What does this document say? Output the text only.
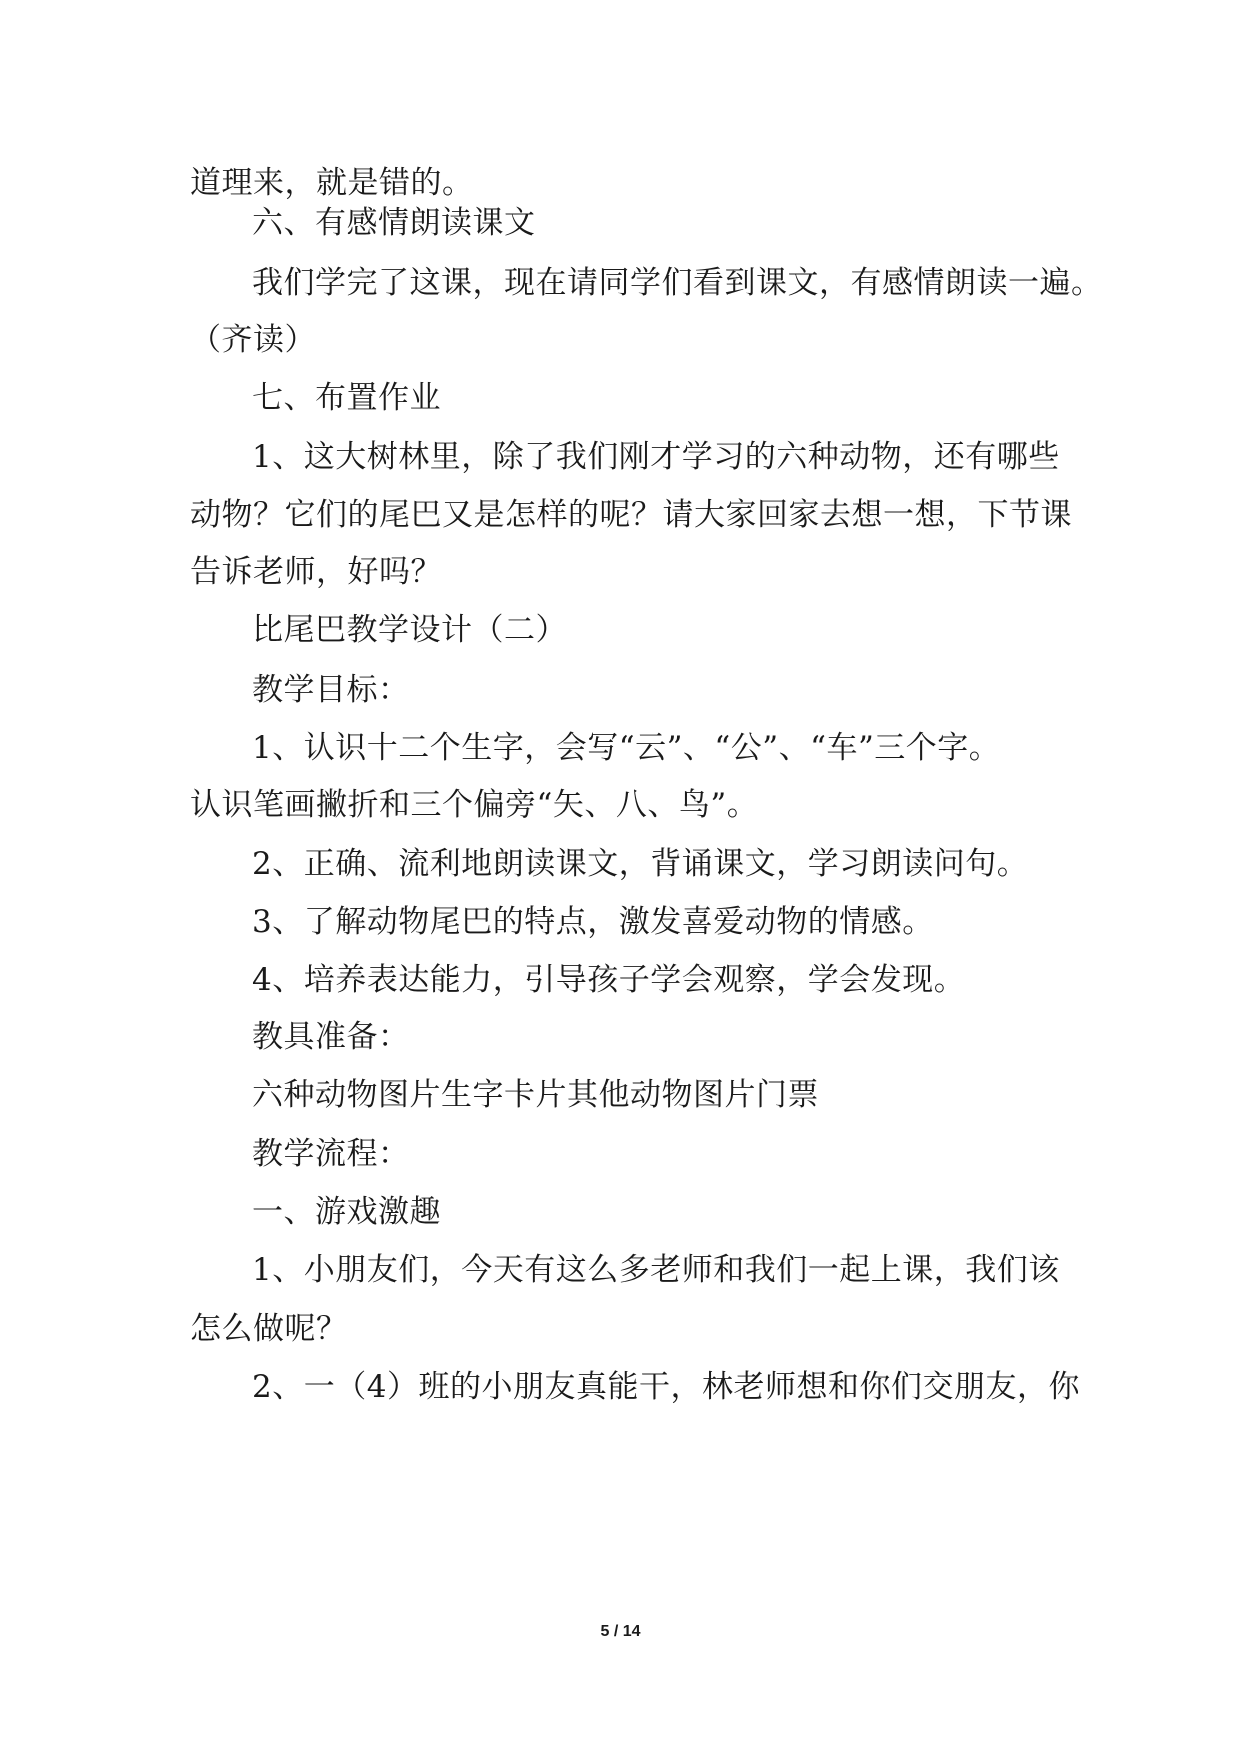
道理来，就是错的。
六、有感情朗读课文
我们学完了这课，现在请同学们看到课文，有感情朗读一遍。
（齐读）
七、布置作业
1、这大树林里，除了我们刚才学习的六种动物，还有哪些
动物？它们的尾巴又是怎样的呢？请大家回家去想一想，下节课
告诉老师，好吗？
比尾巴教学设计（二）
教学目标：
1、认识十二个生字，会写“云”、“公”、“车”三个字。
认识笔画撇折和三个偏旁“矢、八、鸟”。
2、正确、流利地朗读课文，背诵课文，学习朗读问句。
3、了解动物尾巴的特点，激发喜爱动物的情感。
4、培养表达能力，引导孩子学会观察，学会发现。
教具准备：
六种动物图片生字卡片其他动物图片门票
教学流程：
一、游戏激趣
1、小朋友们，今天有这么多老师和我们一起上课，我们该
怎么做呢？
2、一（4）班的小朋友真能干，林老师想和你们交朋友，你
5 / 14
